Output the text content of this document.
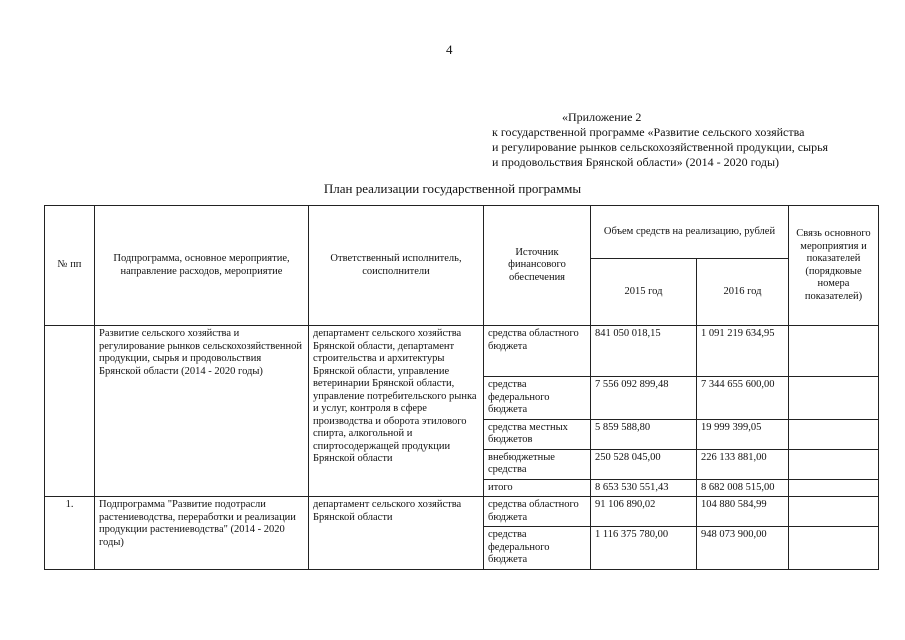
4
«Приложение 2
к государственной программе «Развитие сельского хозяйства
и регулирование рынков сельскохозяйственной продукции, сырья
и продовольствия Брянской области» (2014 - 2020 годы)
План реализации государственной программы
№ пп	Подпрограмма, основное мероприятие, направление расходов, мероприятие	Ответственный исполнитель, соисполнители	Источник финансового обеспечения	Объем средств на реализацию, рублей		Связь основного мероприятия и показателей (порядковые номера показателей)
				2015 год	2016 год	
	Развитие сельского хозяйства и регулирование рынков сельскохозяйственной продукции, сырья и продовольствия Брянской области (2014 - 2020 годы)	департамент сельского хозяйства Брянской области, департамент строительства и архитектуры Брянской области, управление ветеринарии Брянской области, управление потребительского рынка и услуг, контроля в сфере производства и оборота этилового спирта, алкогольной и спиртосодержащей продукции Брянской области	средства областного бюджета	841 050 018,15	1 091 219 634,95	
			средства федерального бюджета	7 556 092 899,48	7 344 655 600,00	
			средства местных бюджетов	5 859 588,80	19 999 399,05	
			внебюджетные средства	250 528 045,00	226 133 881,00	
			итого	8 653 530 551,43	8 682 008 515,00	
1.	Подпрограмма "Развитие подотрасли растениеводства, переработки и реализации продукции растениеводства" (2014 - 2020 годы)	департамент сельского хозяйства Брянской области	средства областного бюджета	91 106 890,02	104 880 584,99	
			средства федерального бюджета	1 116 375 780,00	948 073 900,00	
